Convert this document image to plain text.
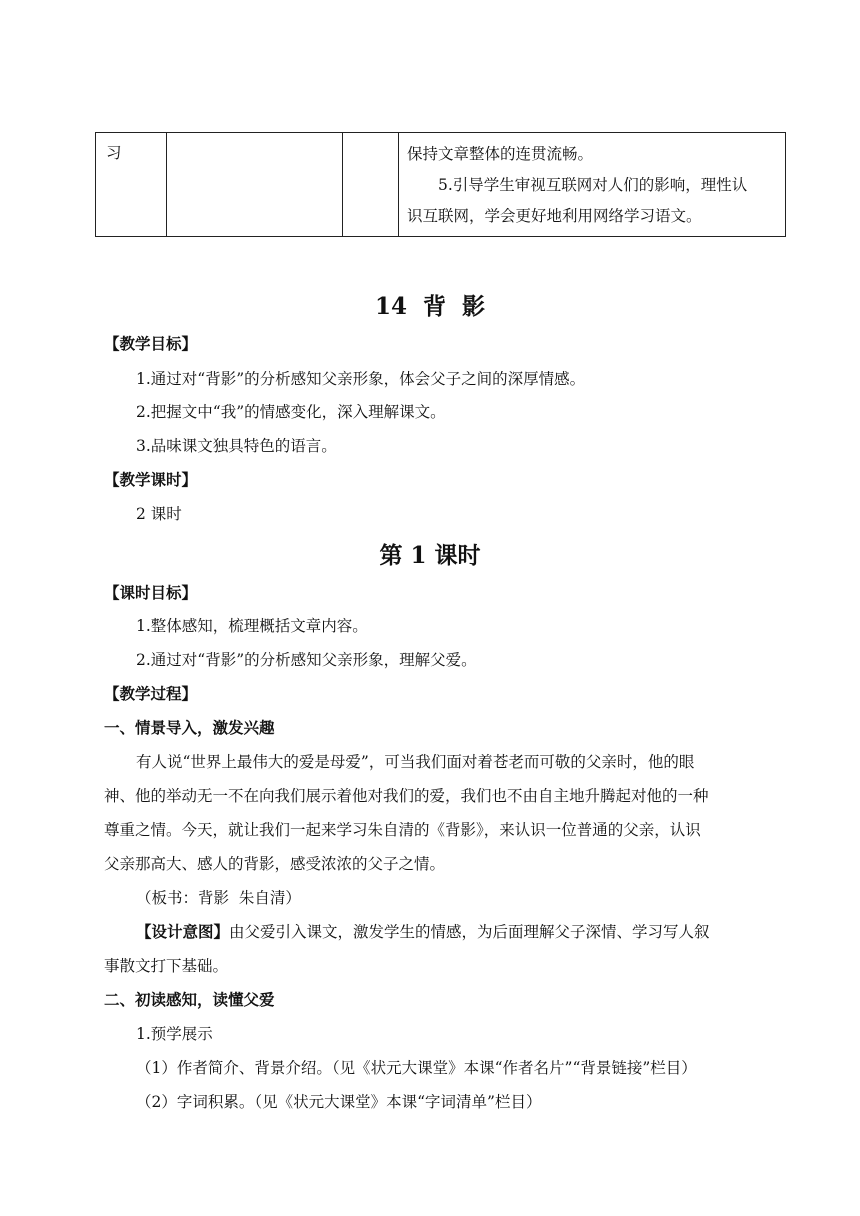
习			保持文章整体的连贯流畅。
5.引导学生审视互联网对人们的影响，理性认
识互联网，学会更好地利用网络学习语文。
14  背  影
【教学目标】
1.通过对“背影”的分析感知父亲形象，体会父子之间的深厚情感。
2.把握文中“我”的情感变化，深入理解课文。
3.品味课文独具特色的语言。
【教学课时】
2 课时
第 1 课时
【课时目标】
1.整体感知，梳理概括文章内容。
2.通过对“背影”的分析感知父亲形象，理解父爱。
【教学过程】
一、情景导入，激发兴趣
有人说“世界上最伟大的爱是母爱”，可当我们面对着苍老而可敬的父亲时，他的眼
神、他的举动无一不在向我们展示着他对我们的爱，我们也不由自主地升腾起对他的一种
尊重之情。今天，就让我们一起来学习朱自清的《背影》，来认识一位普通的父亲，认识
父亲那高大、感人的背影，感受浓浓的父子之情。
（板书：背影  朱自清）
【设计意图】由父爱引入课文，激发学生的情感，为后面理解父子深情、学习写人叙
事散文打下基础。
二、初读感知，读懂父爱
1.预学展示
（1）作者简介、背景介绍。（见《状元大课堂》本课“作者名片”“背景链接”栏目）
（2）字词积累。（见《状元大课堂》本课“字词清单”栏目）
